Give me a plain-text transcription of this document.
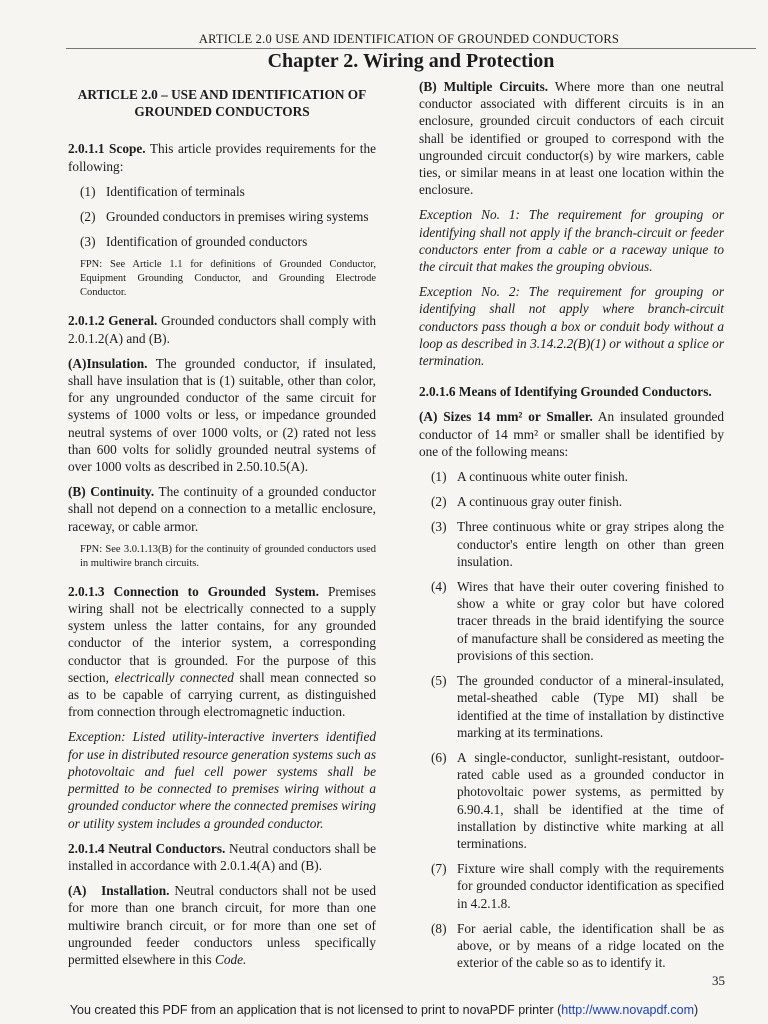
ARTICLE 2.0 USE AND IDENTIFICATION OF GROUNDED CONDUCTORS
Chapter 2. Wiring and Protection
ARTICLE 2.0 – USE AND IDENTIFICATION OF GROUNDED CONDUCTORS

2.0.1.1 Scope. This article provides requirements for the following:

(1) Identification of terminals
(2) Grounded conductors in premises wiring systems
(3) Identification of grounded conductors
FPN: See Article 1.1 for definitions of Grounded Conductor, Equipment Grounding Conductor, and Grounding Electrode Conductor.

2.0.1.2 General. Grounded conductors shall comply with 2.0.1.2(A) and (B).

(A)Insulation. The grounded conductor, if insulated, shall have insulation that is (1) suitable, other than color, for any ungrounded conductor of the same circuit for systems of 1000 volts or less, or impedance grounded neutral systems of over 1000 volts, or (2) rated not less than 600 volts for solidly grounded neutral systems of over 1000 volts as described in 2.50.10.5(A).

(B) Continuity. The continuity of a grounded conductor shall not depend on a connection to a metallic enclosure, raceway, or cable armor.

FPN: See 3.0.1.13(B) for the continuity of grounded conductors used in multiwire branch circuits.

2.0.1.3 Connection to Grounded System. Premises wiring shall not be electrically connected to a supply system unless the latter contains, for any grounded conductor of the interior system, a corresponding conductor that is grounded. For the purpose of this section, electrically connected shall mean connected so as to be capable of carrying current, as distinguished from connection through electromagnetic induction.

Exception: Listed utility-interactive inverters identified for use in distributed resource generation systems such as photovoltaic and fuel cell power systems shall be permitted to be connected to premises wiring without a grounded conductor where the connected premises wiring or utility system includes a grounded conductor.

2.0.1.4 Neutral Conductors. Neutral conductors shall be installed in accordance with 2.0.1.4(A) and (B).

(A)   Installation. Neutral conductors shall not be used for more than one branch circuit, for more than one multiwire branch circuit, or for more than one set of ungrounded feeder conductors unless specifically permitted elsewhere in this Code.

(B) Multiple Circuits. Where more than one neutral conductor associated with different circuits is in an enclosure, grounded circuit conductors of each circuit shall be identified or grouped to correspond with the ungrounded circuit conductor(s) by wire markers, cable ties, or similar means in at least one location within the enclosure.

Exception No. 1: The requirement for grouping or identifying shall not apply if the branch-circuit or feeder conductors enter from a cable or a raceway unique to the circuit that makes the grouping obvious.

Exception No. 2: The requirement for grouping or identifying shall not apply where branch-circuit conductors pass though a box or conduit body without a loop as described in 3.14.2.2(B)(1) or without a splice or termination.

2.0.1.6 Means of Identifying Grounded Conductors.

(A) Sizes 14 mm² or Smaller. An insulated grounded conductor of 14 mm² or smaller shall be identified by one of the following means:

(1) A continuous white outer finish.
(2) A continuous gray outer finish.
(3) Three continuous white or gray stripes along the conductor's entire length on other than green insulation.
(4) Wires that have their outer covering finished to show a white or gray color but have colored tracer threads in the braid identifying the source of manufacture shall be considered as meeting the provisions of this section.
(5) The grounded conductor of a mineral-insulated, metal-sheathed cable (Type MI) shall be identified at the time of installation by distinctive marking at its terminations.
(6) A single-conductor, sunlight-resistant, outdoor-rated cable used as a grounded conductor in photovoltaic power systems, as permitted by 6.90.4.1, shall be identified at the time of installation by distinctive white marking at all terminations.
(7) Fixture wire shall comply with the requirements for grounded conductor identification as specified in 4.2.1.8.
(8) For aerial cable, the identification shall be as above, or by means of a ridge located on the exterior of the cable so as to identify it.
35
You created this PDF from an application that is not licensed to print to novaPDF printer (http://www.novapdf.com)
